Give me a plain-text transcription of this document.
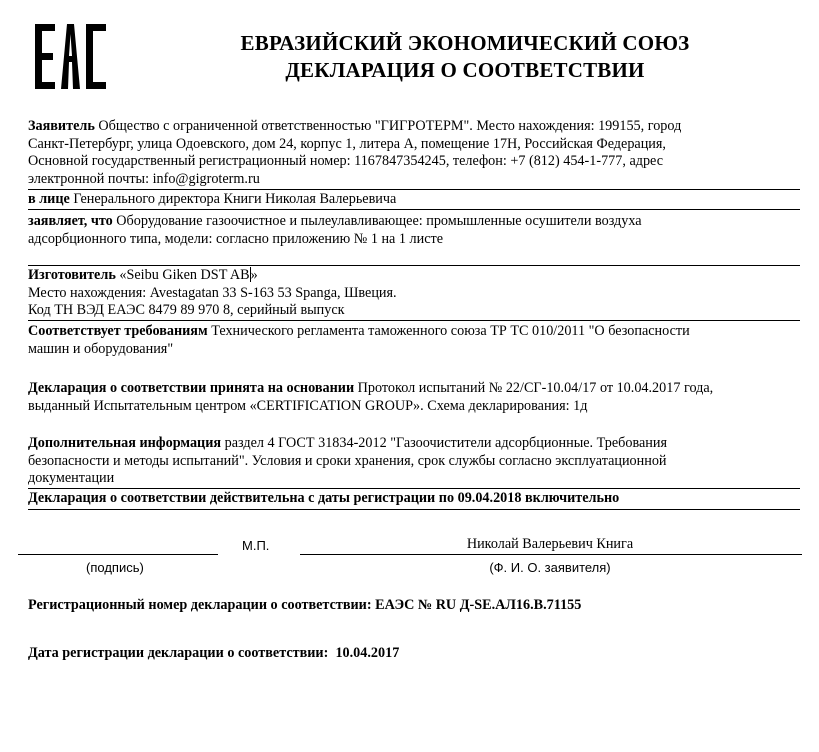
ЕВРАЗИЙСКИЙ ЭКОНОМИЧЕСКИЙ СОЮЗ
ДЕКЛАРАЦИЯ О СООТВЕТСТВИИ
Заявитель Общество с ограниченной ответственностью "ГИГРОТЕРМ". Место нахождения: 199155, город
Санкт-Петербург, улица Одоевского, дом 24, корпус 1, литера А, помещение 17Н, Российская Федерация,
Основной государственный регистрационный номер: 1167847354245, телефон: +7 (812) 454-1-777, адрес
электронной почты: info@gigroterm.ru
в лице Генерального директора Книги Николая Валерьевича
заявляет, что Оборудование газоочистное и пылеулавливающее: промышленные осушители воздуха
адсорбционного типа, модели: согласно приложению № 1 на 1 листе
Изготовитель «Seibu Giken DST AB»
Место нахождения: Avestagatan 33 S-163 53 Spanga, Швеция.
Код ТН ВЭД ЕАЭС 8479 89 970 8, серийный выпуск
Соответствует требованиям Технического регламента таможенного союза ТР ТС 010/2011 "О безопасности
машин и оборудования"
Декларация о соответствии принята на основании Протокол испытаний № 22/СГ-10.04/17 от 10.04.2017 года,
выданный Испытательным центром «CERTIFICATION GROUP». Схема декларирования: 1д
Дополнительная информация раздел 4 ГОСТ 31834-2012 "Газоочистители адсорбционные. Требования
безопасности и методы испытаний". Условия и сроки хранения, срок службы согласно эксплуатационной
документации
Декларация о соответствии действительна с даты регистрации по 09.04.2018 включительно
М.П.	Николай Валерьевич Книга
(подпись)	(Ф. И. О. заявителя)
Регистрационный номер декларации о соответствии: ЕАЭС № RU Д-SE.АЛ16.В.71155
Дата регистрации декларации о соответствии:  10.04.2017
